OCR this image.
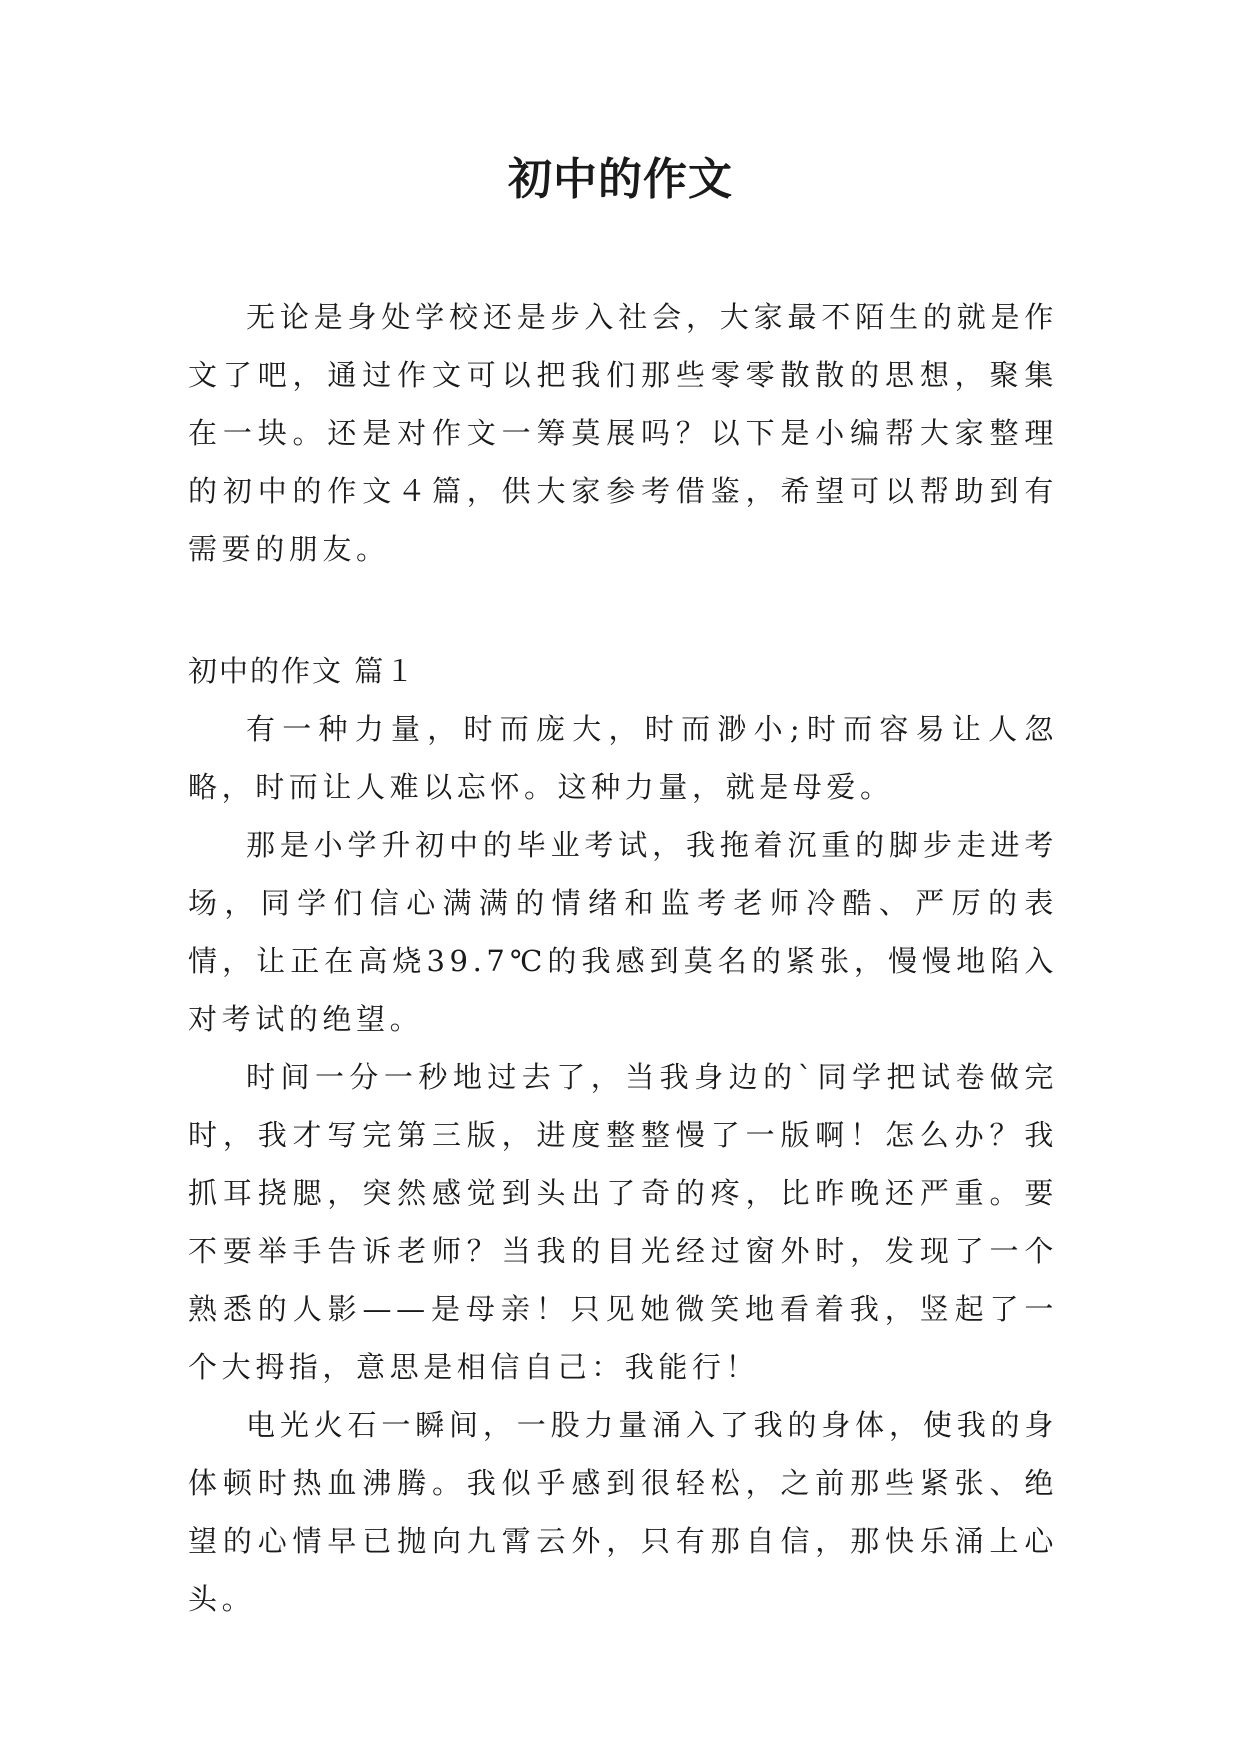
初中的作文

无论是身处学校还是步入社会，大家最不陌生的就是作文了吧，通过作文可以把我们那些零零散散的思想，聚集在一块。还是对作文一筹莫展吗？以下是小编帮大家整理的初中的作文４篇，供大家参考借鉴，希望可以帮助到有需要的朋友。

初中的作文 篇１

有一种力量，时而庞大，时而渺小;时而容易让人忽略，时而让人难以忘怀。这种力量，就是母爱。

那是小学升初中的毕业考试，我拖着沉重的脚步走进考场，同学们信心满满的情绪和监考老师冷酷、严厉的表情，让正在高烧39.7℃的我感到莫名的紧张，慢慢地陷入对考试的绝望。

时间一分一秒地过去了，当我身边的`同学把试卷做完时，我才写完第三版，进度整整慢了一版啊！怎么办？我抓耳挠腮，突然感觉到头出了奇的疼，比昨晚还严重。要不要举手告诉老师？当我的目光经过窗外时，发现了一个熟悉的人影——是母亲！只见她微笑地看着我，竖起了一个大拇指，意思是相信自己：我能行！

电光火石一瞬间，一股力量涌入了我的身体，使我的身体顿时热血沸腾。我似乎感到很轻松，之前那些紧张、绝望的心情早已抛向九霄云外，只有那自信，那快乐涌上心头。
